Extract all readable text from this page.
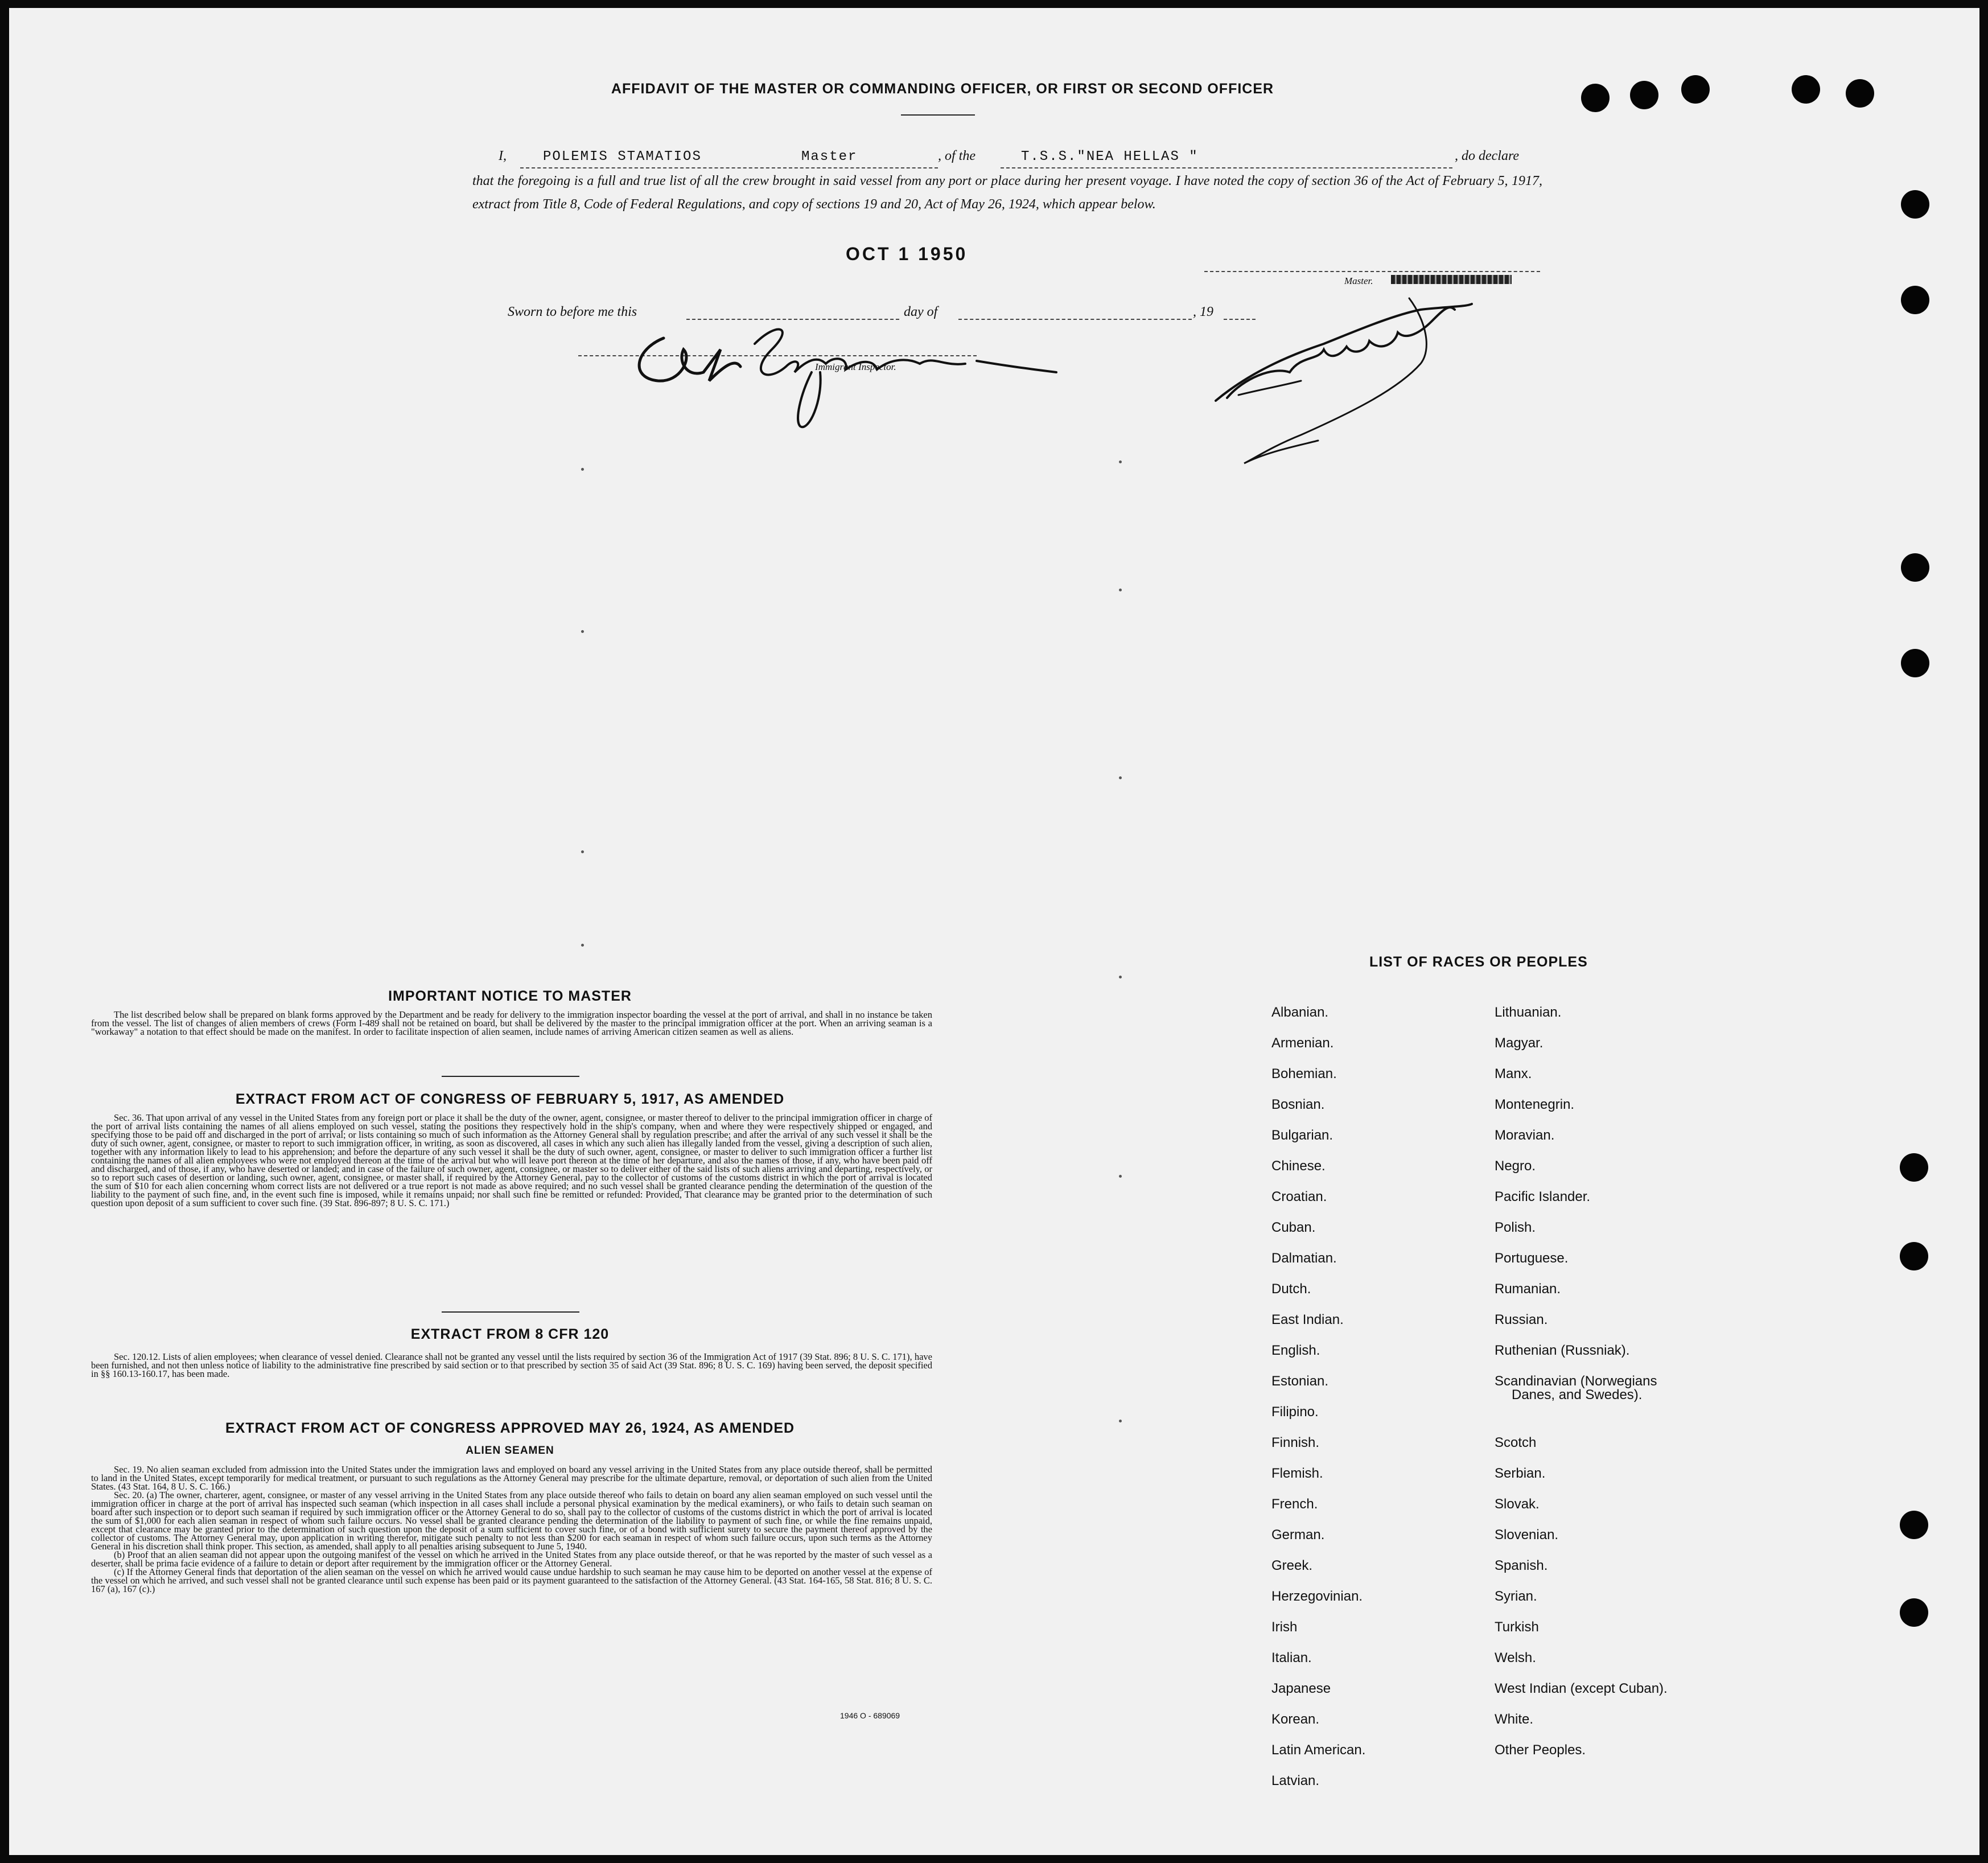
AFFIDAVIT OF THE MASTER OR COMMANDING OFFICER, OR FIRST OR SECOND OFFICER
I,	POLEMIS STAMATIOS	Master	, of the	T.S.S."NEA HELLAS "	, do declare
that the foregoing is a full and true list of all the crew brought in said vessel from any port or place during her present voyage. I have noted the copy of section 36 of the Act of February 5, 1917, extract from Title 8, Code of Federal Regulations, and copy of sections 19 and 20, Act of May 26, 1924, which appear below.
OCT 1 1950
Master.
Sworn to before me this	day of	, 19
Immigrant Inspector.
IMPORTANT NOTICE TO MASTER

The list described below shall be prepared on blank forms approved by the Department and be ready for delivery to the immigration inspector boarding the vessel at the port of arrival, and shall in no instance be taken from the vessel. The list of changes of alien members of crews (Form I-489 shall not be retained on board, but shall be delivered by the master to the principal immigration officer at the port. When an arriving seaman is a "workaway" a notation to that effect should be made on the manifest. In order to facilitate inspection of alien seamen, include names of arriving American citizen seamen as well as aliens.

EXTRACT FROM ACT OF CONGRESS OF FEBRUARY 5, 1917, AS AMENDED

Sec. 36. That upon arrival of any vessel in the United States from any foreign port or place it shall be the duty of the owner, agent, consignee, or master thereof to deliver to the principal immigration officer in charge of the port of arrival lists containing the names of all aliens employed on such vessel, stating the positions they respectively hold in the ship's company, when and where they were respectively shipped or engaged, and specifying those to be paid off and discharged in the port of arrival; or lists containing so much of such information as the Attorney General shall by regulation prescribe; and after the arrival of any such vessel it shall be the duty of such owner, agent, consignee, or master to report to such immigration officer, in writing, as soon as discovered, all cases in which any such alien has illegally landed from the vessel, giving a description of such alien, together with any information likely to lead to his apprehension; and before the departure of any such vessel it shall be the duty of such owner, agent, consignee, or master to deliver to such immigration officer a further list containing the names of all alien employees who were not employed thereon at the time of the arrival but who will leave port thereon at the time of her departure, and also the names of those, if any, who have been paid off and discharged, and of those, if any, who have deserted or landed; and in case of the failure of such owner, agent, consignee, or master so to deliver either of the said lists of such aliens arriving and departing, respectively, or so to report such cases of desertion or landing, such owner, agent, consignee, or master shall, if required by the Attorney General, pay to the collector of customs of the customs district in which the port of arrival is located the sum of $10 for each alien concerning whom correct lists are not delivered or a true report is not made as above required; and no such vessel shall be granted clearance pending the determination of the question of the liability to the payment of such fine, and, in the event such fine is imposed, while it remains unpaid; nor shall such fine be remitted or refunded: Provided, That clearance may be granted prior to the determination of such question upon deposit of a sum sufficient to cover such fine. (39 Stat. 896-897; 8 U. S. C. 171.)

EXTRACT FROM 8 CFR 120

Sec. 120.12. Lists of alien employees; when clearance of vessel denied. Clearance shall not be granted any vessel until the lists required by section 36 of the Immigration Act of 1917 (39 Stat. 896; 8 U. S. C. 171), have been furnished, and not then unless notice of liability to the administrative fine prescribed by said section or to that prescribed by section 35 of said Act (39 Stat. 896; 8 U. S. C. 169) having been served, the deposit specified in §§ 160.13-160.17, has been made.

EXTRACT FROM ACT OF CONGRESS APPROVED MAY 26, 1924, AS AMENDED
ALIEN SEAMEN

Sec. 19. No alien seaman excluded from admission into the United States under the immigration laws and employed on board any vessel arriving in the United States from any place outside thereof, shall be permitted to land in the United States, except temporarily for medical treatment, or pursuant to such regulations as the Attorney General may prescribe for the ultimate departure, removal, or deportation of such alien from the United States. (43 Stat. 164, 8 U. S. C. 166.)

Sec. 20. (a) The owner, charterer, agent, consignee, or master of any vessel arriving in the United States from any place outside thereof who fails to detain on board any alien seaman employed on such vessel until the immigration officer in charge at the port of arrival has inspected such seaman (which inspection in all cases shall include a personal physical examination by the medical examiners), or who fails to detain such seaman on board after such inspection or to deport such seaman if required by such immigration officer or the Attorney General to do so, shall pay to the collector of customs of the customs district in which the port of arrival is located the sum of $1,000 for each alien seaman in respect of whom such failure occurs. No vessel shall be granted clearance pending the determination of the liability to payment of such fine, or while the fine remains unpaid, except that clearance may be granted prior to the determination of such question upon the deposit of a sum sufficient to cover such fine, or of a bond with sufficient surety to secure the payment thereof approved by the collector of customs. The Attorney General may, upon application in writing therefor, mitigate such penalty to not less than $200 for each seaman in respect of whom such failure occurs, upon such terms as the Attorney General in his discretion shall think proper. This section, as amended, shall apply to all penalties arising subsequent to June 5, 1940.

(b) Proof that an alien seaman did not appear upon the outgoing manifest of the vessel on which he arrived in the United States from any place outside thereof, or that he was reported by the master of such vessel as a deserter, shall be prima facie evidence of a failure to detain or deport after requirement by the immigration officer or the Attorney General.

(c) If the Attorney General finds that deportation of the alien seaman on the vessel on which he arrived would cause undue hardship to such seaman he may cause him to be deported on another vessel at the expense of the vessel on which he arrived, and such vessel shall not be granted clearance until such expense has been paid or its payment guaranteed to the satisfaction of the Attorney General. (43 Stat. 164-165, 58 Stat. 816; 8 U. S. C. 167 (a), 167 (c).)

1946 O - 689069
LIST OF RACES OR PEOPLES
Albanian.
Armenian.
Bohemian.
Bosnian.
Bulgarian.
Chinese.
Croatian.
Cuban.
Dalmatian.
Dutch.
East Indian.
English.
Estonian.
Filipino.
Finnish.
Flemish.
French.
German.
Greek.
Herzegovinian.
Irish
Italian.
Japanese
Korean.
Latin American.
Latvian.
Lithuanian.
Magyar.
Manx.
Montenegrin.
Moravian.
Negro.
Pacific Islander.
Polish.
Portuguese.
Rumanian.
Russian.
Ruthenian (Russniak).
Scandinavian (Norwegians
Danes, and Swedes).
Scotch
Serbian.
Slovak.
Slovenian.
Spanish.
Syrian.
Turkish
Welsh.
West Indian (except Cuban).
White.
Other Peoples.
